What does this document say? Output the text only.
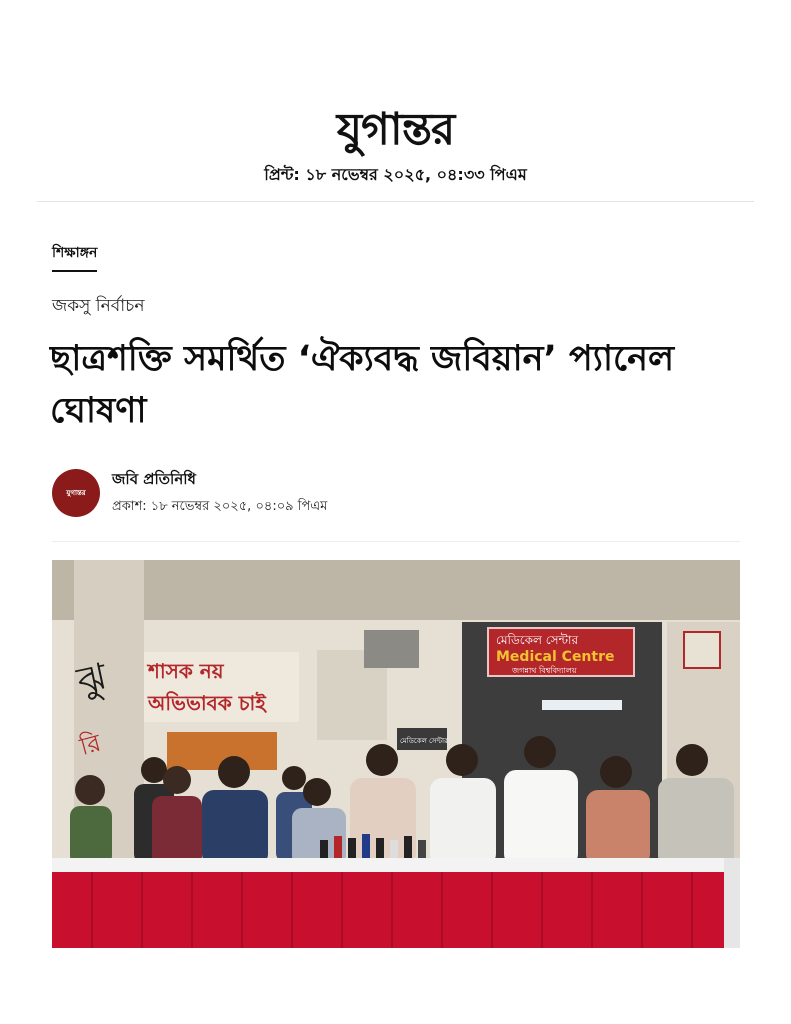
যুগান্তর
প্রিন্ট: ১৮ নভেম্বর ২০২৫, ০৪:৩৩ পিএম
শিক্ষাঙ্গন
জকসু নির্বাচন
ছাত্রশক্তি সমর্থিত ‘ঐক্যবদ্ধ জবিয়ান’ প্যানেল ঘোষণা
যুগান্তর
জবি প্রতিনিধি
প্রকাশ: ১৮ নভেম্বর ২০২৫, ০৪:০৯ পিএম
ঝু
রি
শাসক নয়
অভিভাবক চাই
মেডিকেল সেন্টার
মেডিকেল সেন্টার
Medical Centre
জগন্নাথ বিশ্ববিদ্যালয়
